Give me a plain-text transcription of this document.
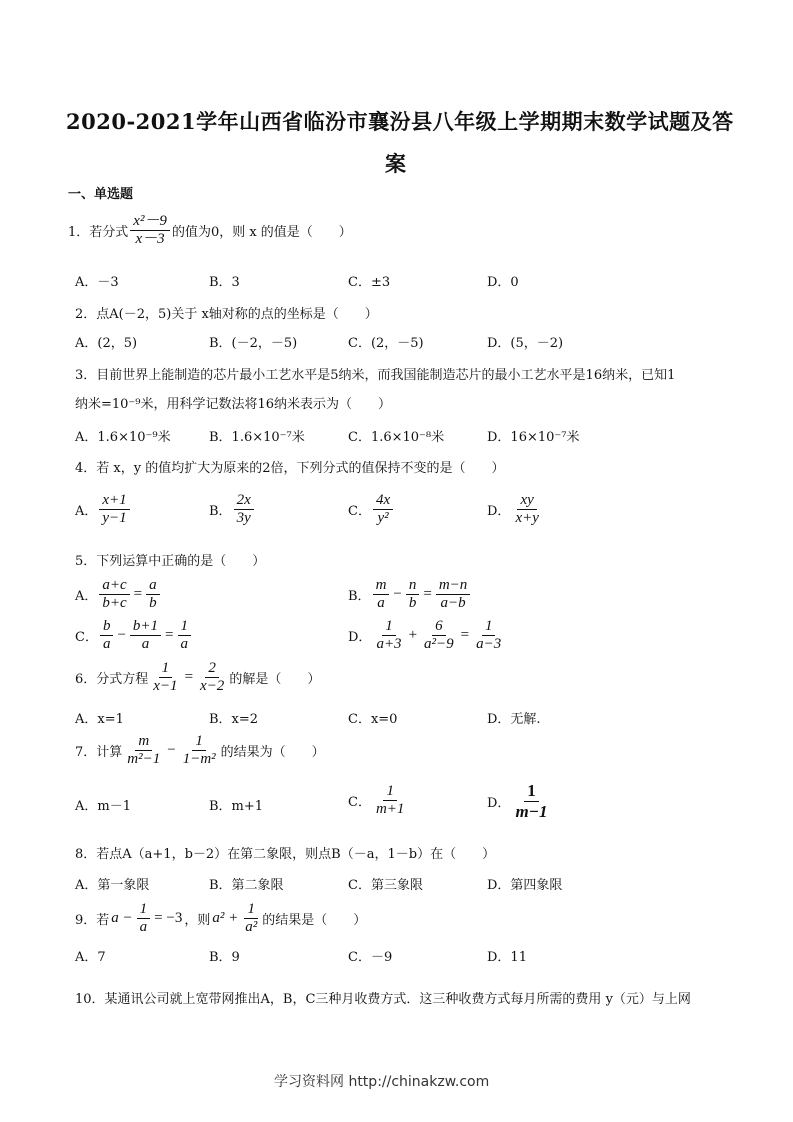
2020-2021学年山西省临汾市襄汾县八年级上学期期末数学试题及答
案
一、单选题
1．若分式 $\frac{\text{x²－9}}{x-3}$ 的值为0，则 x 的值是（　　）
A．－3	B．3	C．±3	D．0
2．点A(－2，5)关于 x轴对称的点的坐标是（　　）
A．(2，5)	B．(－2，－5)	C．(2，－5)	D．(5，－2)
3．目前世界上能制造的芯片最小工艺水平是5纳米，而我国能制造芯片的最小工艺水平是16纳米，已知1
纳米=10⁻⁹米，用科学记数法将16纳米表示为（　　）
A．1.6×10⁻⁹米	B．1.6×10⁻⁷米	C．1.6×10⁻⁸米	D．16×10⁻⁷米
4．若 x，y 的值均扩大为原来的2倍，下列分式的值保持不变的是（　　）
A． $\frac{x+1}{y-1}$	B． $\frac{2x}{3y}$	C． $\frac{4x}{\text{y²}}$	D． $\frac{xy}{x+y}$
5．下列运算中正确的是（　　）
A． $\frac{a+c}{b+c} = \frac{a}{b}$	B． $\frac{m}{a} - \frac{n}{b} = \frac{m-n}{a-b}$
C． $\frac{b}{a} - \frac{b+1}{a} = \frac{1}{a}$	D． $\frac{1}{a+3} + \frac{6}{\text{a²−9}} = \frac{1}{a-3}$
6．分式方程 $\frac{1}{x-1} = \frac{2}{x-2}$ 的解是（　　）
A．x=1	B．x=2	C．x=0	D．无解.
7．计算 $\frac{m}{\text{m²−1}} - \frac{1}{\text{1−m²}}$ 的结果为（　　）
A．m－1	B．m+1	C． $\frac{1}{m+1}$	D． $\frac{1}{m-1}$
8．若点A（a+1，b－2）在第二象限，则点B（－a，1－b）在（　　）
A．第一象限	B．第二象限	C．第三象限	D．第四象限
9．若 $a - \frac{1}{a} = -3$ ，则 $a^2 + \frac{1}{\text{a²}}$ 的结果是（　　）
A．7	B．9	C．－9	D．11
10．某通讯公司就上宽带网推出A，B，C三种月收费方式．这三种收费方式每月所需的费用 y（元）与上网
学习资料网 http://chinakzw.com
